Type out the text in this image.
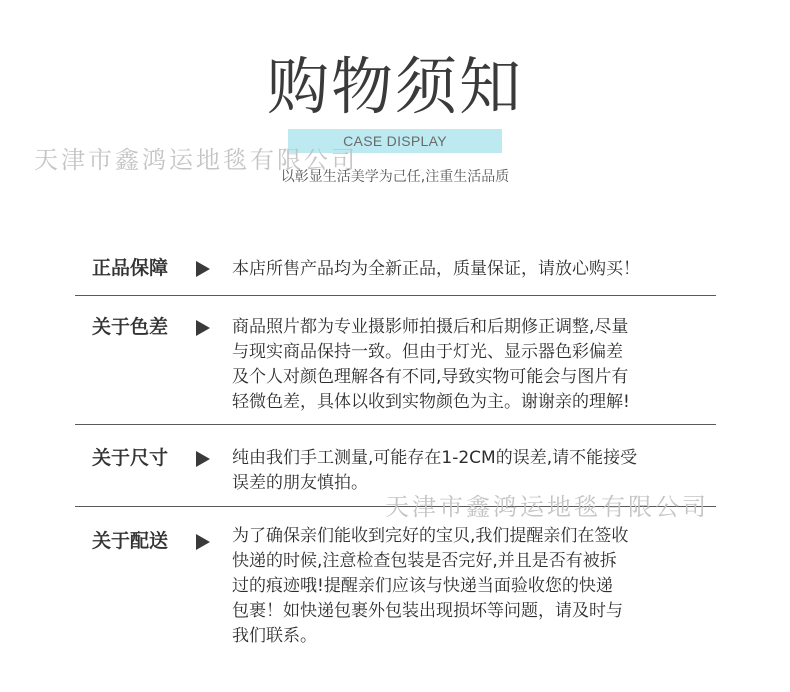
购物须知
CASE DISPLAY
以彰显生活美学为己任,注重生活品质
天津市鑫鸿运地毯有限公司
正品保障	本店所售产品均为全新正品，质量保证，请放心购买！
关于色差	商品照片都为专业摄影师拍摄后和后期修正调整,尽量
与现实商品保持一致。但由于灯光、显示器色彩偏差
及个人对颜色理解各有不同,导致实物可能会与图片有
轻微色差，具体以收到实物颜色为主。谢谢亲的理解!
关于尺寸	纯由我们手工测量,可能存在1-2CM的误差,请不能接受
误差的朋友慎拍。
关于配送	为了确保亲们能收到完好的宝贝,我们提醒亲们在签收
快递的时候,注意检查包装是否完好,并且是否有被拆
过的痕迹哦!提醒亲们应该与快递当面验收您的快递
包裹！如快递包裹外包装出现损坏等问题，请及时与
我们联系。
天津市鑫鸿运地毯有限公司
